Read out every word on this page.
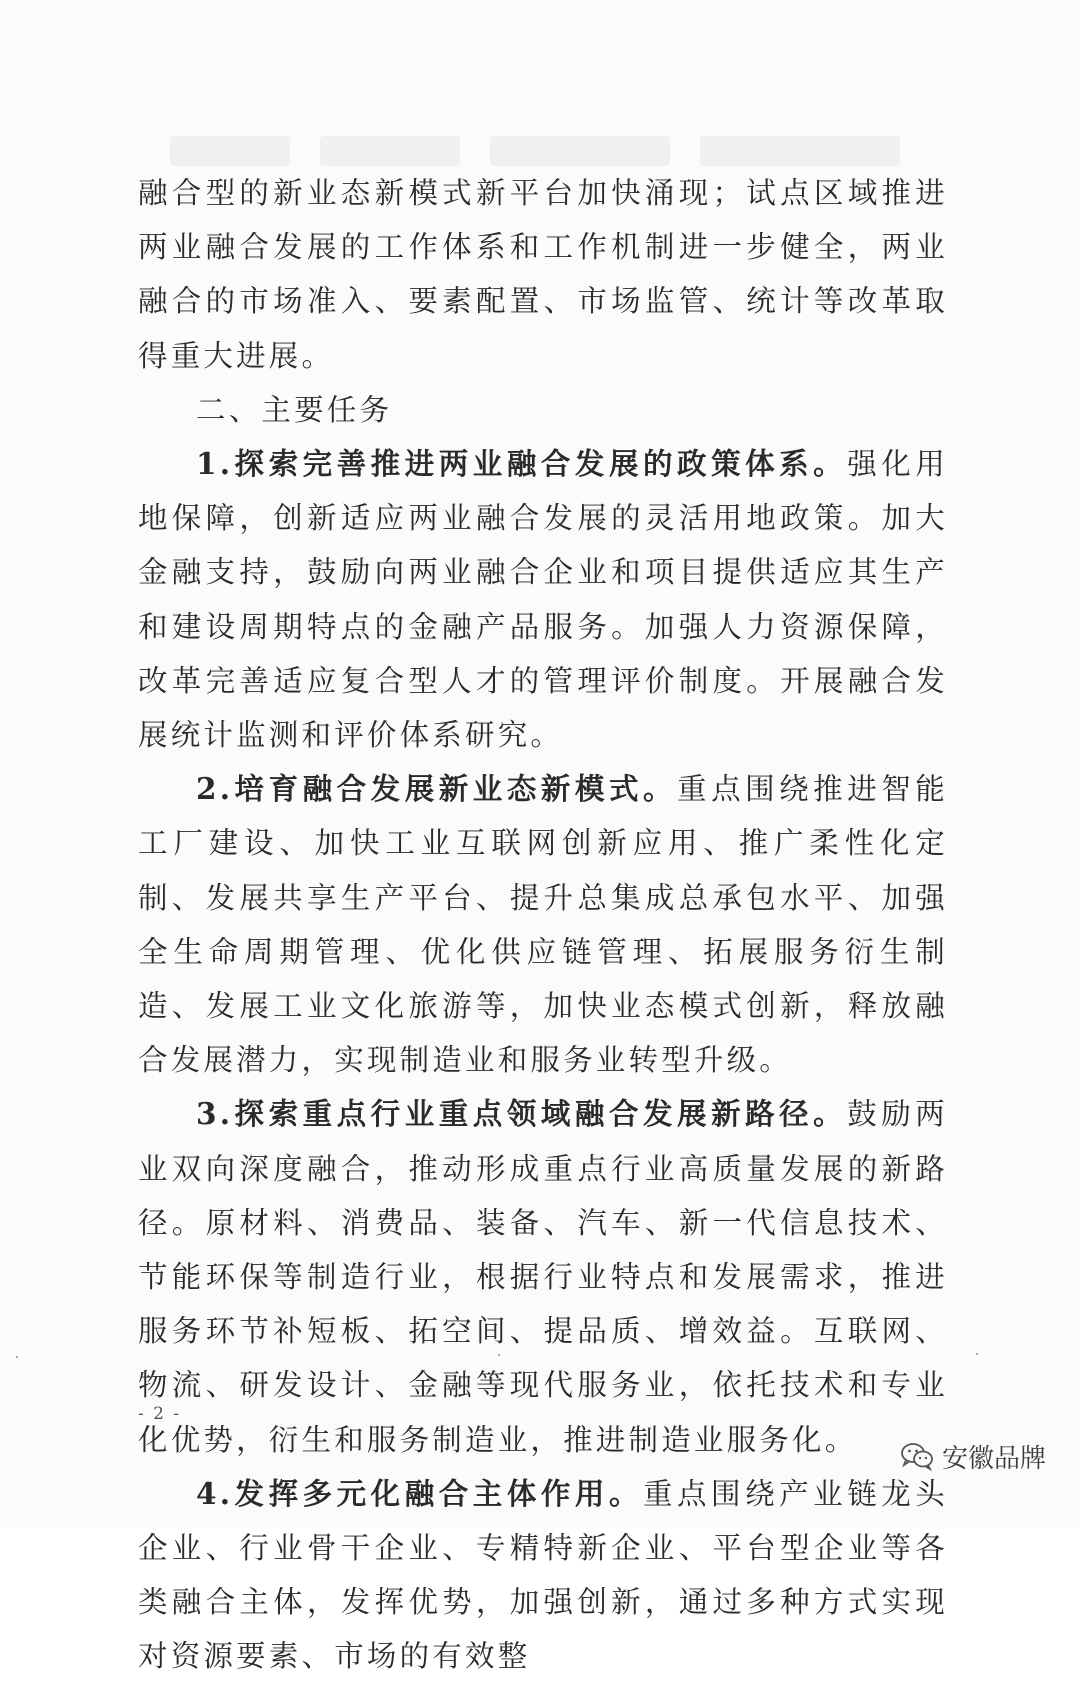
融合型的新业态新模式新平台加快涌现；试点区域推进两业融合发展的工作体系和工作机制进一步健全，两业融合的市场准入、要素配置、市场监管、统计等改革取得重大进展。

二、主要任务

1.探索完善推进两业融合发展的政策体系。强化用地保障，创新适应两业融合发展的灵活用地政策。加大金融支持，鼓励向两业融合企业和项目提供适应其生产和建设周期特点的金融产品服务。加强人力资源保障，改革完善适应复合型人才的管理评价制度。开展融合发展统计监测和评价体系研究。

2.培育融合发展新业态新模式。重点围绕推进智能工厂建设、加快工业互联网创新应用、推广柔性化定制、发展共享生产平台、提升总集成总承包水平、加强全生命周期管理、优化供应链管理、拓展服务衍生制造、发展工业文化旅游等，加快业态模式创新，释放融合发展潜力，实现制造业和服务业转型升级。

3.探索重点行业重点领域融合发展新路径。鼓励两业双向深度融合，推动形成重点行业高质量发展的新路径。原材料、消费品、装备、汽车、新一代信息技术、节能环保等制造行业，根据行业特点和发展需求，推进服务环节补短板、拓空间、提品质、增效益。互联网、物流、研发设计、金融等现代服务业，依托技术和专业化优势，衍生和服务制造业，推进制造业服务化。

4.发挥多元化融合主体作用。重点围绕产业链龙头企业、行业骨干企业、专精特新企业、平台型企业等各类融合主体，发挥优势，加强创新，通过多种方式实现对资源要素、市场的有效整

- 2 -
安徽品牌
